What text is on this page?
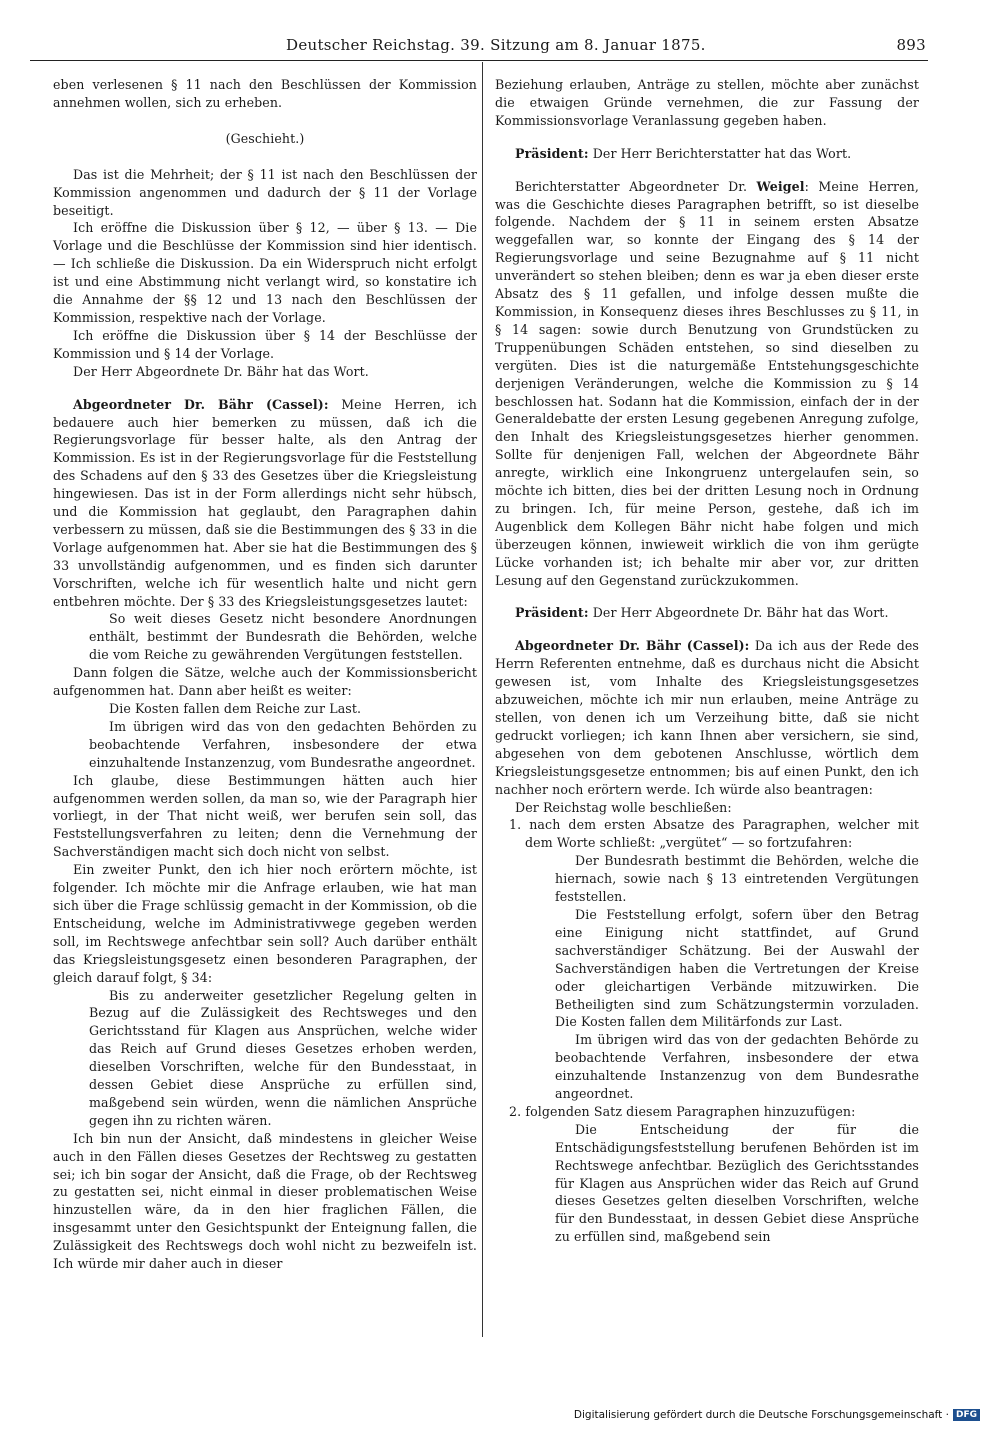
Deutscher Reichstag. 39. Sitzung am 8. Januar 1875.	893

eben verlesenen § 11 nach den Beschlüssen der Kommission annehmen wollen, sich zu erheben.

(Geschieht.)

Das ist die Mehrheit; der § 11 ist nach den Beschlüssen der Kommission angenommen und dadurch der § 11 der Vorlage beseitigt.

Ich eröffne die Diskussion über § 12, — über § 13. — Die Vorlage und die Beschlüsse der Kommission sind hier identisch. — Ich schließe die Diskussion. Da ein Widerspruch nicht erfolgt ist und eine Abstimmung nicht verlangt wird, so konstatire ich die Annahme der §§ 12 und 13 nach den Beschlüssen der Kommission, respektive nach der Vorlage.

Ich eröffne die Diskussion über § 14 der Beschlüsse der Kommission und § 14 der Vorlage.

Der Herr Abgeordnete Dr. Bähr hat das Wort.

Abgeordneter Dr. Bähr (Cassel): Meine Herren, ich bedauere auch hier bemerken zu müssen, daß ich die Regierungsvorlage für besser halte, als den Antrag der Kommission. Es ist in der Regierungsvorlage für die Feststellung des Schadens auf den § 33 des Gesetzes über die Kriegsleistung hingewiesen. Das ist in der Form allerdings nicht sehr hübsch, und die Kommission hat geglaubt, den Paragraphen dahin verbessern zu müssen, daß sie die Bestimmungen des § 33 in die Vorlage aufgenommen hat. Aber sie hat die Bestimmungen des § 33 unvollständig aufgenommen, und es finden sich darunter Vorschriften, welche ich für wesentlich halte und nicht gern entbehren möchte. Der § 33 des Kriegsleistungsgesetzes lautet:

So weit dieses Gesetz nicht besondere Anordnungen enthält, bestimmt der Bundesrath die Behörden, welche die vom Reiche zu gewährenden Vergütungen feststellen.

Dann folgen die Sätze, welche auch der Kommissionsbericht aufgenommen hat. Dann aber heißt es weiter:

Die Kosten fallen dem Reiche zur Last.

Im übrigen wird das von den gedachten Behörden zu beobachtende Verfahren, insbesondere der etwa einzuhaltende Instanzenzug, vom Bundesrathe angeordnet.

Ich glaube, diese Bestimmungen hätten auch hier aufgenommen werden sollen, da man so, wie der Paragraph hier vorliegt, in der That nicht weiß, wer berufen sein soll, das Feststellungsverfahren zu leiten; denn die Vernehmung der Sachverständigen macht sich doch nicht von selbst.

Ein zweiter Punkt, den ich hier noch erörtern möchte, ist folgender. Ich möchte mir die Anfrage erlauben, wie hat man sich über die Frage schlüssig gemacht in der Kommission, ob die Entscheidung, welche im Administrativwege gegeben werden soll, im Rechtswege anfechtbar sein soll? Auch darüber enthält das Kriegsleistungsgesetz einen besonderen Paragraphen, der gleich darauf folgt, § 34:

Bis zu anderweiter gesetzlicher Regelung gelten in Bezug auf die Zulässigkeit des Rechtsweges und den Gerichtsstand für Klagen aus Ansprüchen, welche wider das Reich auf Grund dieses Gesetzes erhoben werden, dieselben Vorschriften, welche für den Bundesstaat, in dessen Gebiet diese Ansprüche zu erfüllen sind, maßgebend sein würden, wenn die nämlichen Ansprüche gegen ihn zu richten wären.

Ich bin nun der Ansicht, daß mindestens in gleicher Weise auch in den Fällen dieses Gesetzes der Rechtsweg zu gestatten sei; ich bin sogar der Ansicht, daß die Frage, ob der Rechtsweg zu gestatten sei, nicht einmal in dieser problematischen Weise hinzustellen wäre, da in den hier fraglichen Fällen, die insgesammt unter den Gesichtspunkt der Enteignung fallen, die Zulässigkeit des Rechtswegs doch wohl nicht zu bezweifeln ist. Ich würde mir daher auch in dieser

Beziehung erlauben, Anträge zu stellen, möchte aber zunächst die etwaigen Gründe vernehmen, die zur Fassung der Kommissionsvorlage Veranlassung gegeben haben.

Präsident: Der Herr Berichterstatter hat das Wort.

Berichterstatter Abgeordneter Dr. Weigel: Meine Herren, was die Geschichte dieses Paragraphen betrifft, so ist dieselbe folgende. Nachdem der § 11 in seinem ersten Absatze weggefallen war, so konnte der Eingang des § 14 der Regierungsvorlage und seine Bezugnahme auf § 11 nicht unverändert so stehen bleiben; denn es war ja eben dieser erste Absatz des § 11 gefallen, und infolge dessen mußte die Kommission, in Konsequenz dieses ihres Beschlusses zu § 11, in § 14 sagen: sowie durch Benutzung von Grundstücken zu Truppenübungen Schäden entstehen, so sind dieselben zu vergüten. Dies ist die naturgemäße Entstehungsgeschichte derjenigen Veränderungen, welche die Kommission zu § 14 beschlossen hat. Sodann hat die Kommission, einfach der in der Generaldebatte der ersten Lesung gegebenen Anregung zufolge, den Inhalt des Kriegsleistungsgesetzes hierher genommen. Sollte für denjenigen Fall, welchen der Abgeordnete Bähr anregte, wirklich eine Inkongruenz untergelaufen sein, so möchte ich bitten, dies bei der dritten Lesung noch in Ordnung zu bringen. Ich, für meine Person, gestehe, daß ich im Augenblick dem Kollegen Bähr nicht habe folgen und mich überzeugen können, inwieweit wirklich die von ihm gerügte Lücke vorhanden ist; ich behalte mir aber vor, zur dritten Lesung auf den Gegenstand zurückzukommen.

Präsident: Der Herr Abgeordnete Dr. Bähr hat das Wort.

Abgeordneter Dr. Bähr (Cassel): Da ich aus der Rede des Herrn Referenten entnehme, daß es durchaus nicht die Absicht gewesen ist, vom Inhalte des Kriegsleistungsgesetzes abzuweichen, möchte ich mir nun erlauben, meine Anträge zu stellen, von denen ich um Verzeihung bitte, daß sie nicht gedruckt vorliegen; ich kann Ihnen aber versichern, sie sind, abgesehen von dem gebotenen Anschlusse, wörtlich dem Kriegsleistungsgesetze entnommen; bis auf einen Punkt, den ich nachher noch erörtern werde. Ich würde also beantragen:

Der Reichstag wolle beschließen:

1. nach dem ersten Absatze des Paragraphen, welcher mit dem Worte schließt: „vergütet“ — so fortzufahren:

Der Bundesrath bestimmt die Behörden, welche die hiernach, sowie nach § 13 eintretenden Vergütungen feststellen.

Die Feststellung erfolgt, sofern über den Betrag eine Einigung nicht stattfindet, auf Grund sachverständiger Schätzung. Bei der Auswahl der Sachverständigen haben die Vertretungen der Kreise oder gleichartigen Verbände mitzuwirken. Die Betheiligten sind zum Schätzungstermin vorzuladen. Die Kosten fallen dem Militärfonds zur Last.

Im übrigen wird das von der gedachten Behörde zu beobachtende Verfahren, insbesondere der etwa einzuhaltende Instanzenzug von dem Bundesrathe angeordnet.

2. folgenden Satz diesem Paragraphen hinzuzufügen:

Die Entscheidung der für die Entschädigungsfeststellung berufenen Behörden ist im Rechtswege anfechtbar. Bezüglich des Gerichtsstandes für Klagen aus Ansprüchen wider das Reich auf Grund dieses Gesetzes gelten dieselben Vorschriften, welche für den Bundesstaat, in dessen Gebiet diese Ansprüche zu erfüllen sind, maßgebend sein

Digitalisierung gefördert durch die Deutsche Forschungsgemeinschaft · DFG
